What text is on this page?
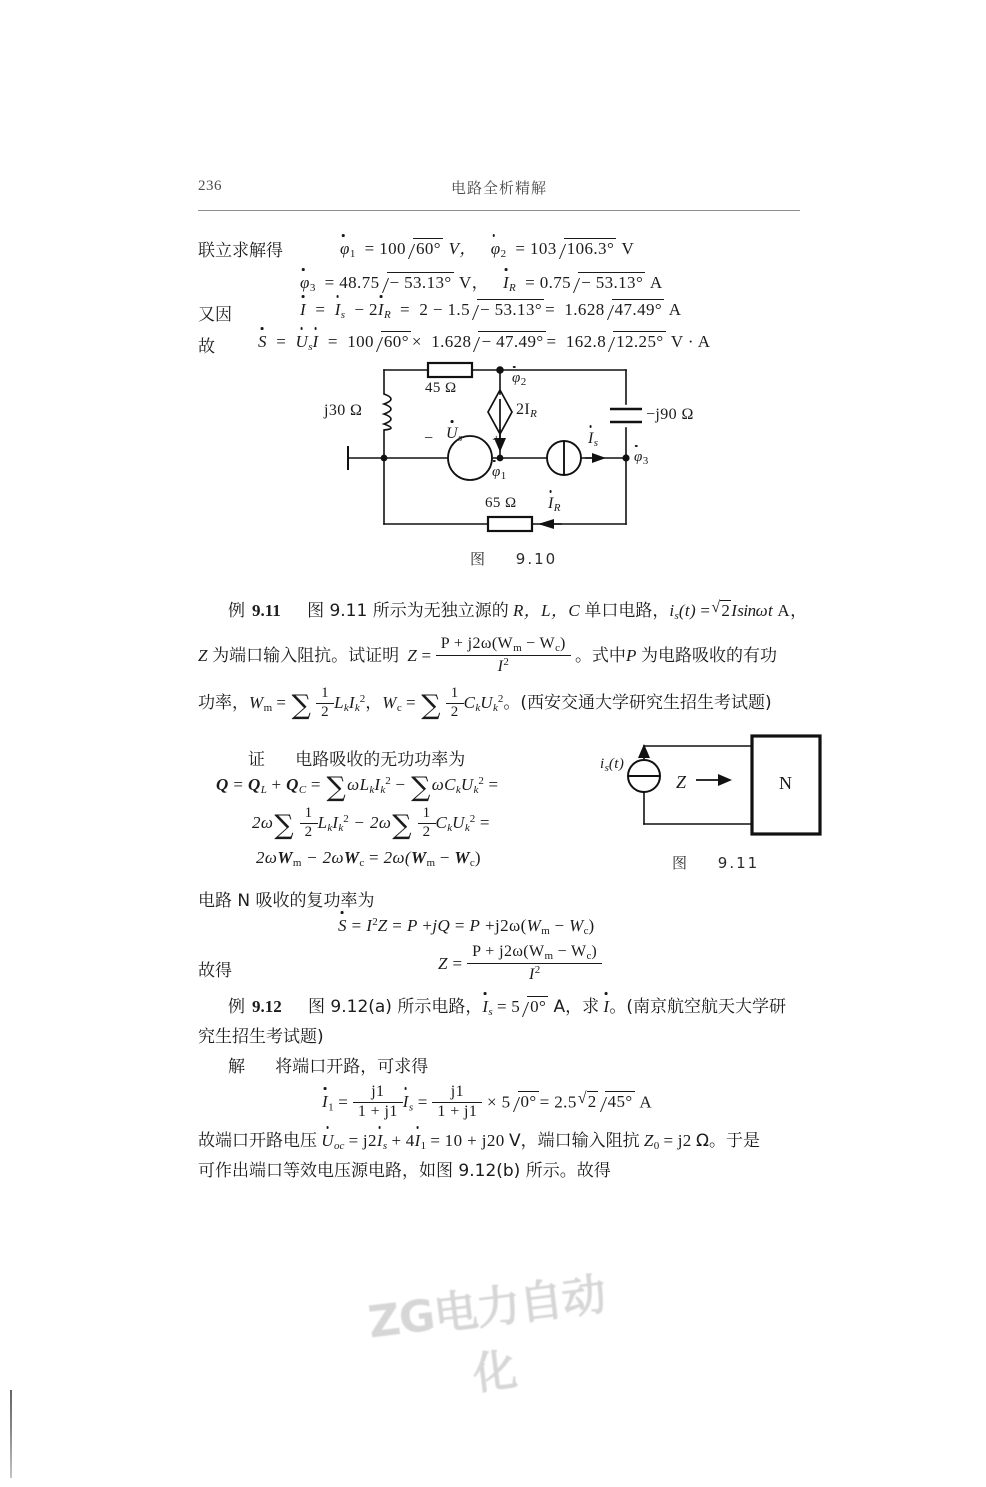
236	电路全析精解
联立求解得	$\varphi_1 = 100$ 60° V， $\varphi_2 = 103$ 106.3° V
$\varphi_3 = 48.75 - 53.13^\circ$ V， $I_R = 0.75 - 53.13^\circ$ A
又因	$I = I_s - 2I_R = 2 - 1.5 - 53.13^\circ = 1.628$ 47.49° A
故	$S = U_sI = 100$ 60° × 1.628 − 47.49° = 162.8 12.25° V · A
j30 Ω
45 Ω
65 Ω
−j90 Ω
$2I_R$
$U_s$
−	+	$I_s$
$I_R$
$\varphi_1$
$\varphi_2$
$\varphi_3$
图 9.10
例 9.11 图 9.11 所示为无独立源的 R，L，C 单口电路，$i_s(t)$ = √ 2Isinωt A，
Z 为端口输入阻抗。试证明 $Z = \frac{P + j2\omega(W_m - W_c)}{I^2}$ 。式中P 为电路吸收的有功
功率，$W_m$ = ∑ $\frac{1}{2} L_kI_k^2$，$W_c$ = ∑ $\frac{1}{2} C_kU_k^2$。(西安交通大学研究生招生考试题)
证 电路吸收的无功功率为
$Q = Q_L + Q_C = \sum\omega L_kI_k^2 - \sum\omega C_kU_k^2$ =
$2\omega\sum \frac{1}{2} L_kI_k^2 - 2\omega\sum \frac{1}{2} C_kU_k^2$ =
$2\omega W_m - 2\omega W_c = 2\omega(W_m - W_c)$
$i_s(t)$
Z	N
图 9.11
电路 N 吸收的复功率为
$S = I^2Z = P +jQ = P +j2\omega(W_m - W_c)$
故得	$Z = \frac{P + j2\omega(W_m - W_c)}{I^2}$
例 9.12 图 9.12(a) 所示电路，$I_s = 5$ 0° A，求 I。(南京航空航天大学研
究生招生考试题)
解 将端口开路，可求得
$I_1 = \frac{j1}{1 + j1} I_s = \frac{j1}{1 + j1} \times 5$ 0° = 2.5 √ 2 45° A
故端口开路电压 $U_{oc} = j2I_s + 4I_1 = 10 + j20$ V，端口输入阻抗 $Z_0 = j2$ Ω。于是
可作出端口等效电压源电路，如图 9.12(b) 所示。故得
ZG电力自动化
